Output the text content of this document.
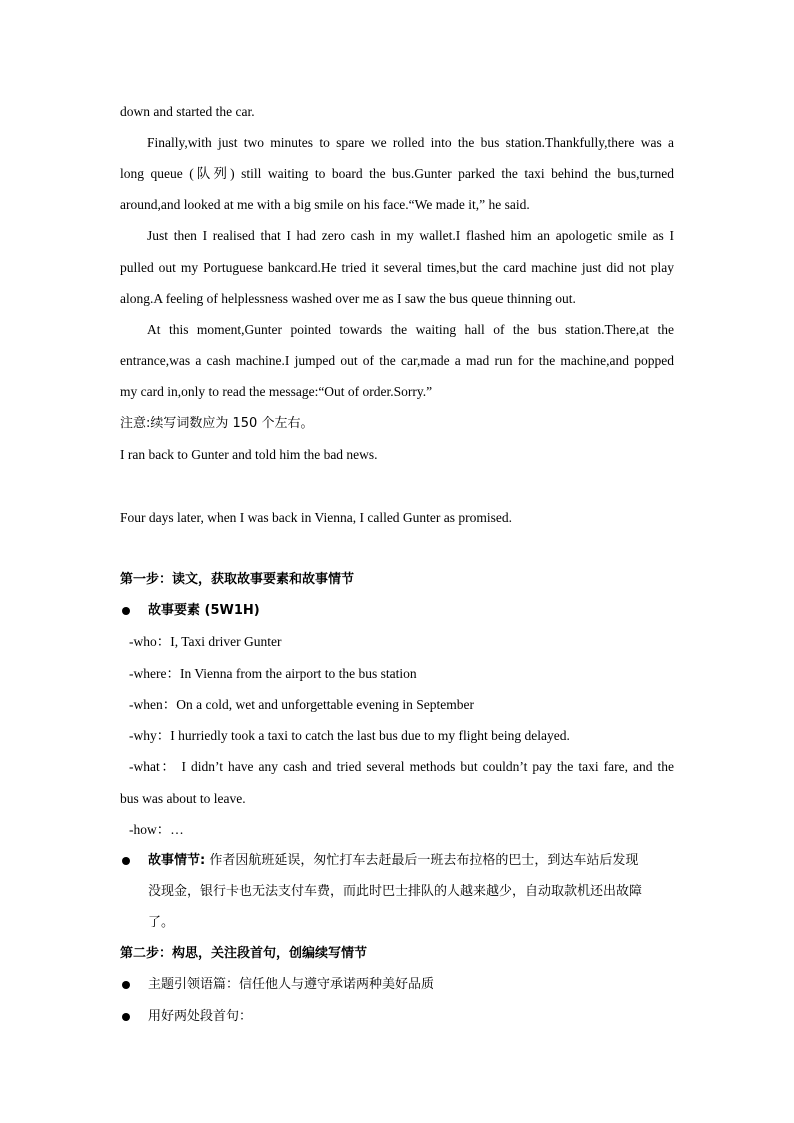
down and started the car.
Finally,with just two minutes to spare we rolled into the bus station.Thankfully,there was a
long queue (队列) still waiting to board the bus.Gunter parked the taxi behind the bus,turned
around,and looked at me with a big smile on his face.“We made it,” he said.
Just then I realised that I had zero cash in my wallet.I flashed him an apologetic smile as I
pulled out my Portuguese bankcard.He tried it several times,but the card machine just did not play
along.A feeling of helplessness washed over me as I saw the bus queue thinning out.
At this moment,Gunter pointed towards the waiting hall of the bus station.There,at the
entrance,was a cash machine.I jumped out of the car,made a mad run for the machine,and popped
my card in,only to read the message:“Out of order.Sorry.”
注意:续写词数应为 150 个左右。
I ran back to Gunter and told him the bad news.
Four days later, when I was back in Vienna, I called Gunter as promised.
第一步：读文，获取故事要素和故事情节
故事要素 (5W1H)
-who：I, Taxi driver Gunter
-where：In Vienna from the airport to the bus station
-when：On a cold, wet and unforgettable evening in September
-why：I hurriedly took a taxi to catch the last bus due to my flight being delayed.
-what： I didn’t have any cash and tried several methods but couldn’t pay the taxi fare, and the
bus was about to leave.
-how：…
故事情节: 作者因航班延误，匆忙打车去赶最后一班去布拉格的巴士，到达车站后发现
没现金，银行卡也无法支付车费，而此时巴士排队的人越来越少，自动取款机还出故障
了。
第二步：构思，关注段首句，创编续写情节
主题引领语篇：信任他人与遵守承诺两种美好品质
用好两处段首句：
